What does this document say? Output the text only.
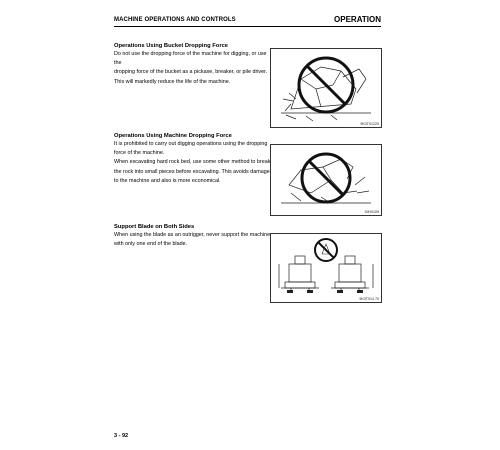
MACHINE OPERATIONS AND CONTROLS	OPERATION

Operations Using Bucket Dropping Force

Do not use the dropping force of the machine for digging, or use the

dropping force of the bucket as a pickaxe, breaker, or pile driver.

This will markedly reduce the life of the machine.

9K0T01220

Operations Using Machine Dropping Force

It is prohibited to carry out digging operations using the dropping

force of the machine.

When excavating hard rock bed, use some other method to break

the rock into small pieces before excavating. This avoids damage

to the machine and also is more economical.

9JH0109

Support Blade on Both Sides

When using the blade as an outrigger, never support the machine

with only one end of the blade.

9K0T014 70
3 - 92
